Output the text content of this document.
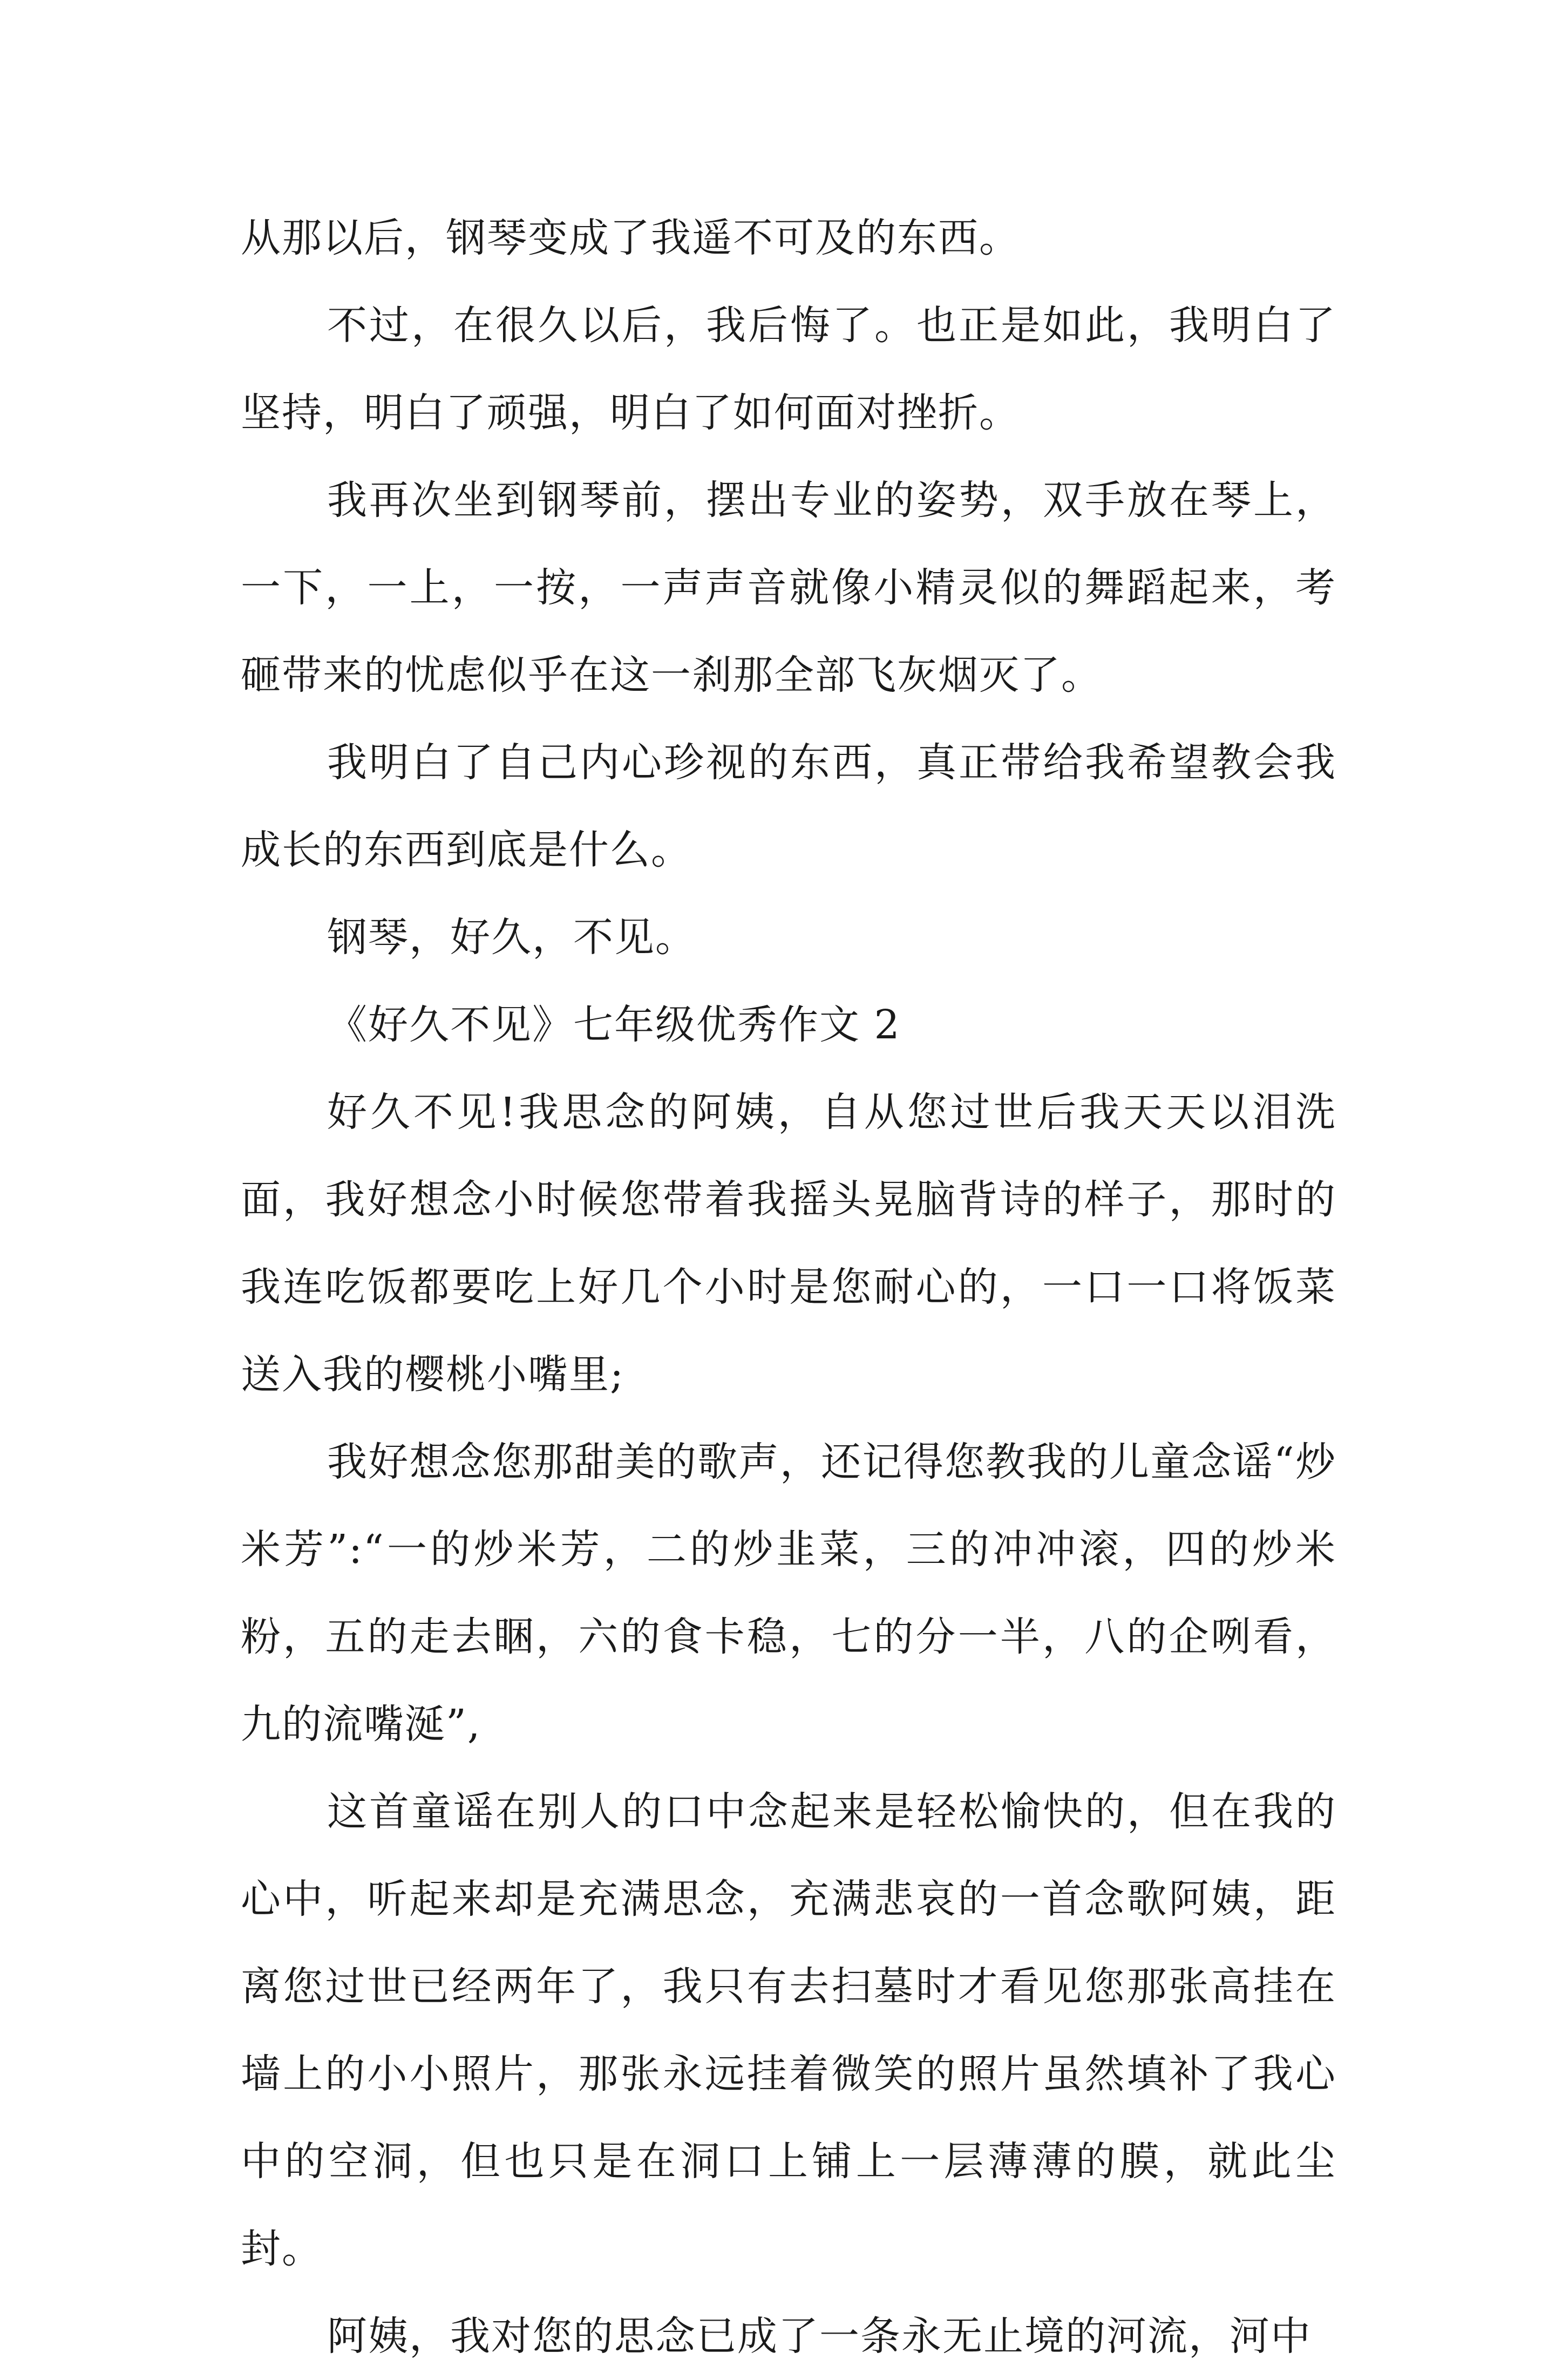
从那以后，钢琴变成了我遥不可及的东西。

不过，在很久以后，我后悔了。也正是如此，我明白了坚持，明白了顽强，明白了如何面对挫折。

我再次坐到钢琴前，摆出专业的姿势，双手放在琴上，一下，一上，一按，一声声音就像小精灵似的舞蹈起来，考砸带来的忧虑似乎在这一刹那全部飞灰烟灭了。

我明白了自己内心珍视的东西，真正带给我希望教会我成长的东西到底是什么。

钢琴，好久，不见。

《好久不见》七年级优秀作文 2

好久不见!我思念的阿姨，自从您过世后我天天以泪洗面，我好想念小时候您带着我摇头晃脑背诗的样子，那时的我连吃饭都要吃上好几个小时是您耐心的，一口一口将饭菜送入我的樱桃小嘴里;

我好想念您那甜美的歌声，还记得您教我的儿童念谣“炒米芳”:“一的炒米芳，二的炒韭菜，三的冲冲滚，四的炒米粉，五的走去睏，六的食卡稳，七的分一半，八的企咧看，九的流嘴涎”,

这首童谣在别人的口中念起来是轻松愉快的，但在我的心中，听起来却是充满思念，充满悲哀的一首念歌阿姨，距离您过世已经两年了，我只有去扫墓时才看见您那张高挂在墙上的小小照片，那张永远挂着微笑的照片虽然填补了我心中的空洞，但也只是在洞口上铺上一层薄薄的膜，就此尘封。

阿姨，我对您的思念已成了一条永无止境的河流，河中
